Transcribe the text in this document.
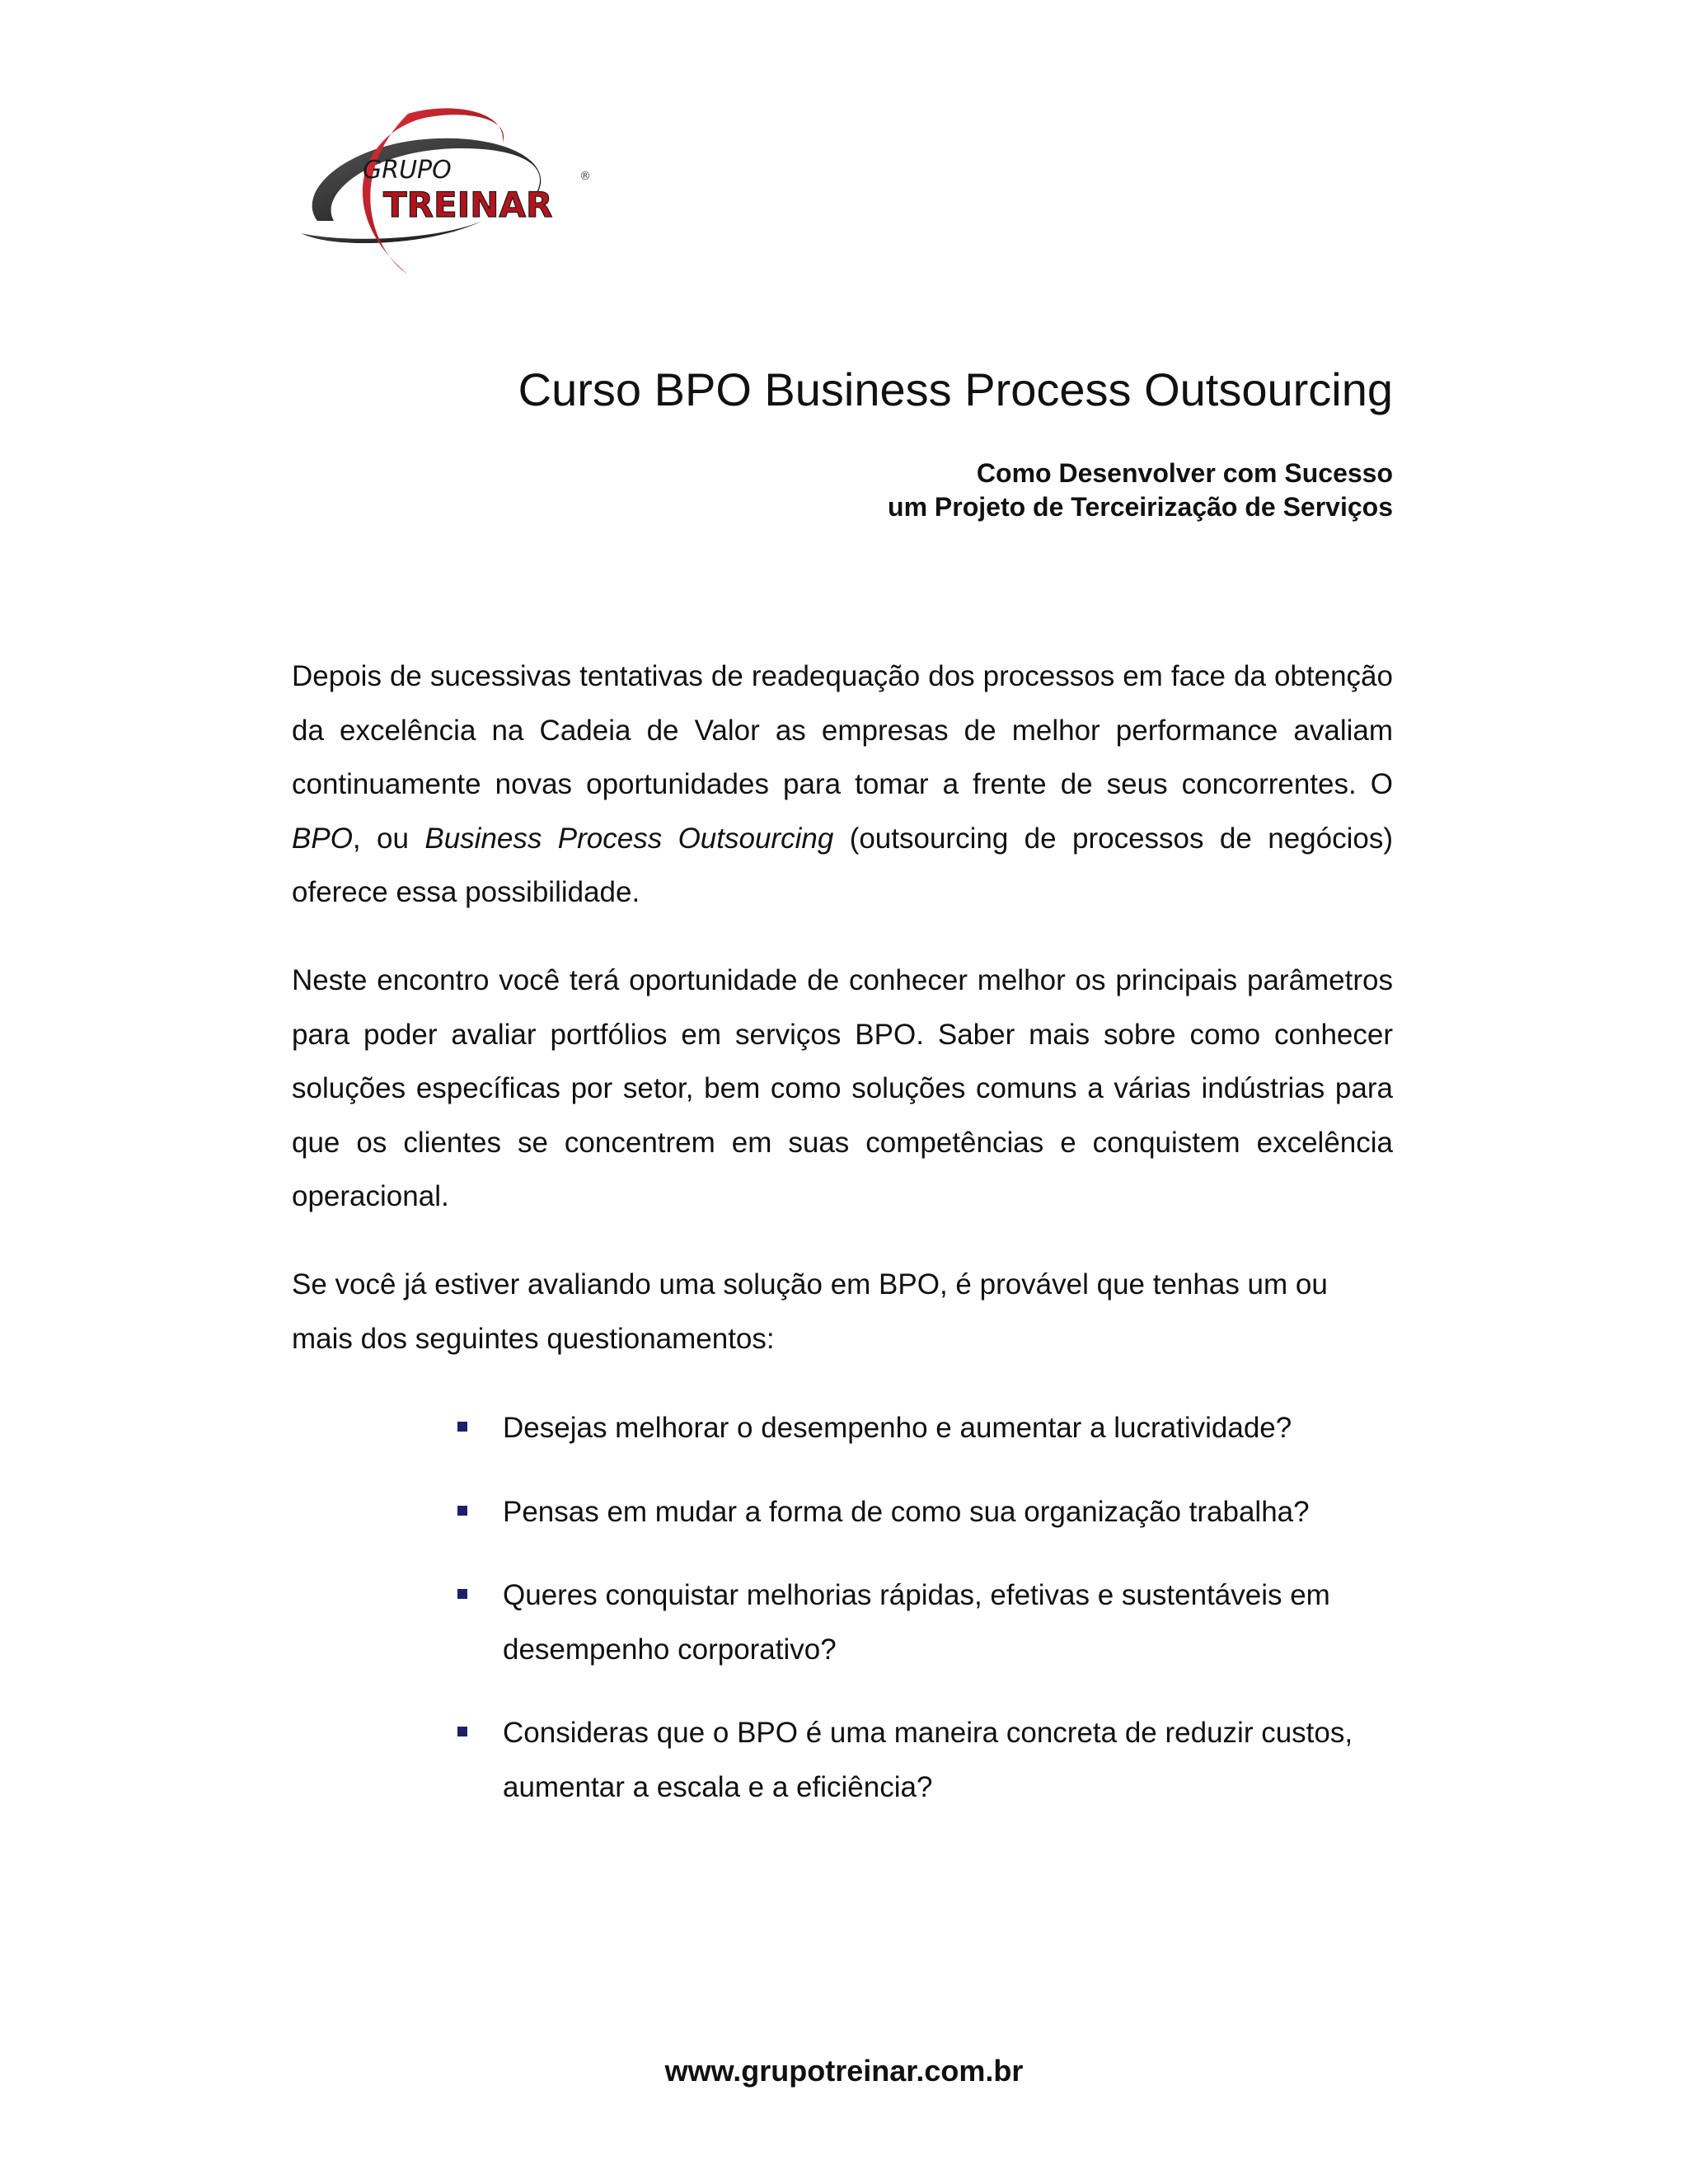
GRUPO
TREINAR
®
Curso BPO Business Process Outsourcing
Como Desenvolver com Sucesso
um Projeto de Terceirização de Serviços

Depois de sucessivas tentativas de readequação dos processos em face da obtenção da excelência na Cadeia de Valor as empresas de melhor performance avaliam continuamente novas oportunidades para tomar a frente de seus concorrentes. O BPO, ou Business Process Outsourcing (outsourcing de processos de negócios) oferece essa possibilidade.

Neste encontro você terá oportunidade de conhecer melhor os principais parâmetros para poder avaliar portfólios em serviços BPO. Saber mais sobre como conhecer soluções específicas por setor, bem como soluções comuns a várias indústrias para que os clientes se concentrem em suas competências e conquistem excelência operacional.

Se você já estiver avaliando uma solução em BPO, é provável que tenhas um ou mais dos seguintes questionamentos:

Desejas melhorar o desempenho e aumentar a lucratividade?
Pensas em mudar a forma de como sua organização trabalha?
Queres conquistar melhorias rápidas, efetivas e sustentáveis em desempenho corporativo?
Consideras que o BPO é uma maneira concreta de reduzir custos, aumentar a escala e a eficiência?
www.grupotreinar.com.br
